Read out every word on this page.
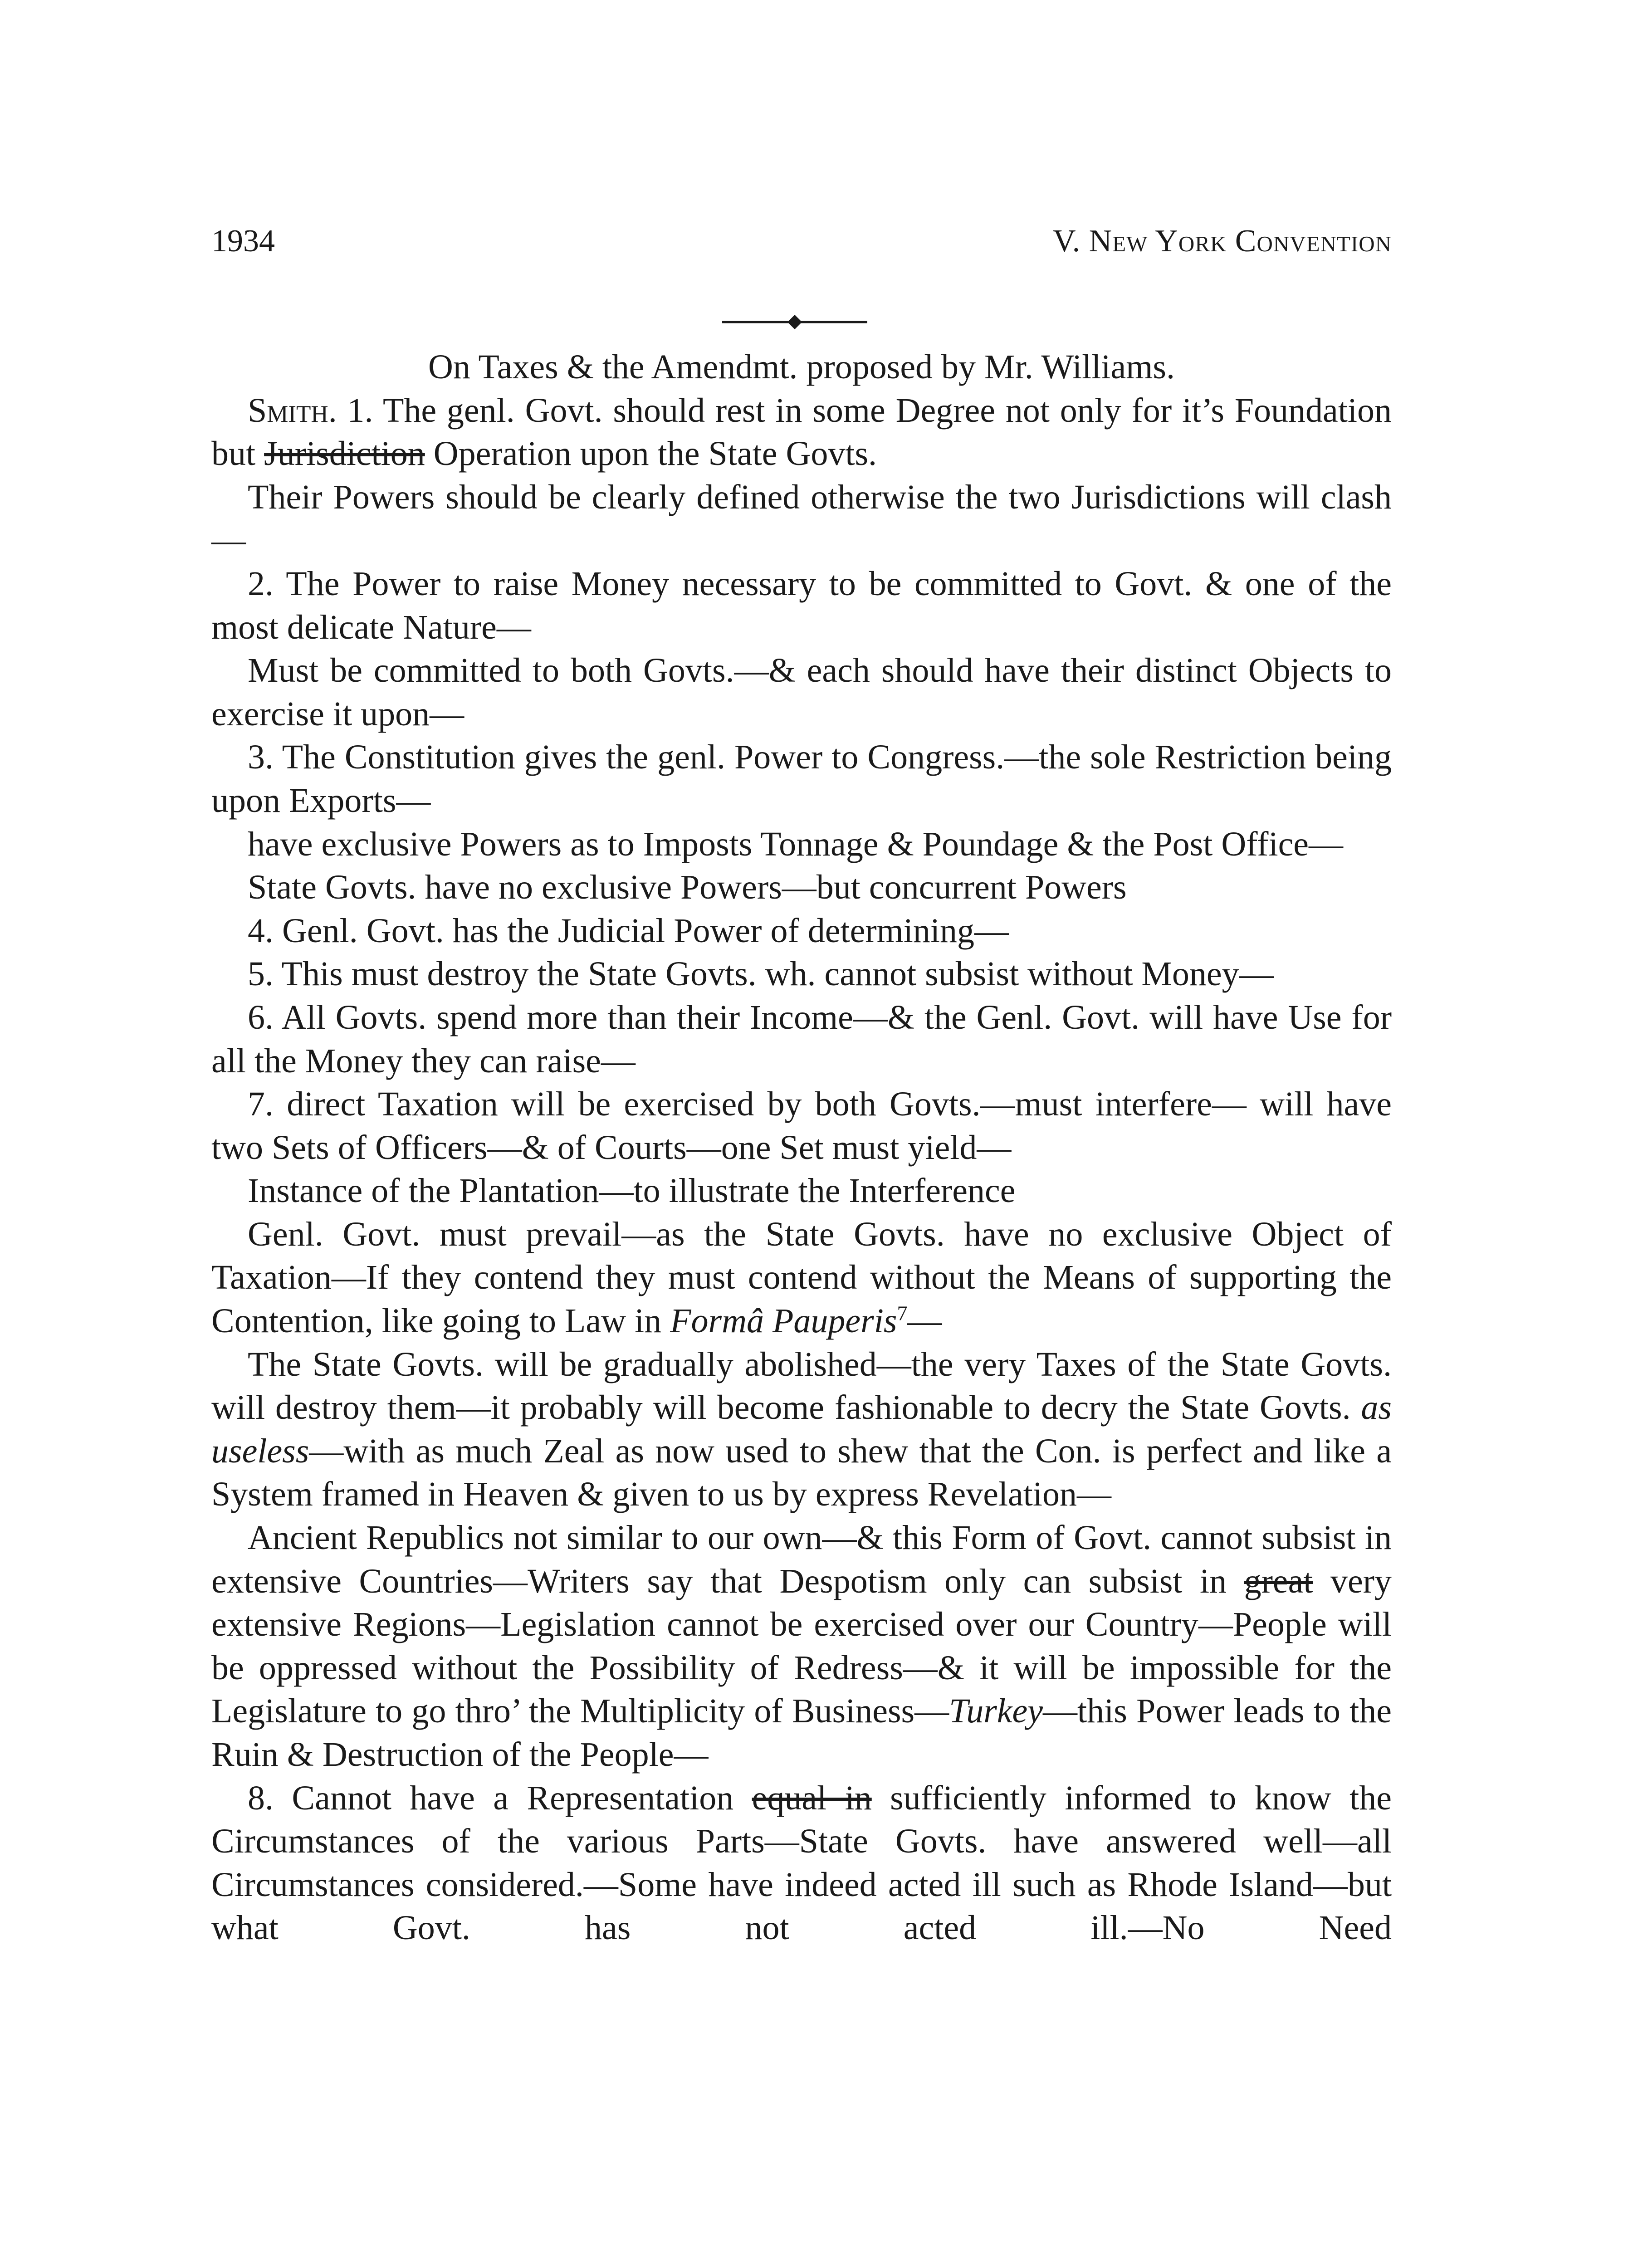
1934	V. New York Convention

On Taxes & the Amendmt. proposed by Mr. Williams.

Smith. 1. The genl. Govt. should rest in some Degree not only for it’s Foundation but Jurisdiction Operation upon the State Govts.

Their Powers should be clearly defined otherwise the two Jurisdictions will clash—

2. The Power to raise Money necessary to be committed to Govt. & one of the most delicate Nature—

Must be committed to both Govts.—& each should have their distinct Objects to exercise it upon—

3. The Constitution gives the genl. Power to Congress.—the sole Restriction being upon Exports—

have exclusive Powers as to Imposts Tonnage & Poundage & the Post Office—

State Govts. have no exclusive Powers—but concurrent Powers

4. Genl. Govt. has the Judicial Power of determining—

5. This must destroy the State Govts. wh. cannot subsist without Money—

6. All Govts. spend more than their Income—& the Genl. Govt. will have Use for all the Money they can raise—

7. direct Taxation will be exercised by both Govts.—must interfere— will have two Sets of Officers—& of Courts—one Set must yield—

Instance of the Plantation—to illustrate the Interference

Genl. Govt. must prevail—as the State Govts. have no exclusive Object of Taxation—If they contend they must contend without the Means of supporting the Contention, like going to Law in Formâ Pauperis$^7$—

The State Govts. will be gradually abolished—the very Taxes of the State Govts. will destroy them—it probably will become fashionable to decry the State Govts. as useless—with as much Zeal as now used to shew that the Con. is perfect and like a System framed in Heaven & given to us by express Revelation—

Ancient Republics not similar to our own—& this Form of Govt. cannot subsist in extensive Countries—Writers say that Despotism only can subsist in great very extensive Regions—Legislation cannot be exercised over our Country—People will be oppressed without the Possibility of Redress—& it will be impossible for the Legislature to go thro’ the Multiplicity of Business—Turkey—this Power leads to the Ruin & Destruction of the People—

8. Cannot have a Representation equal in sufficiently informed to know the Circumstances of the various Parts—State Govts. have answered well—all Circumstances considered.—Some have indeed acted ill such as Rhode Island—but what Govt. has not acted ill.—No Need
